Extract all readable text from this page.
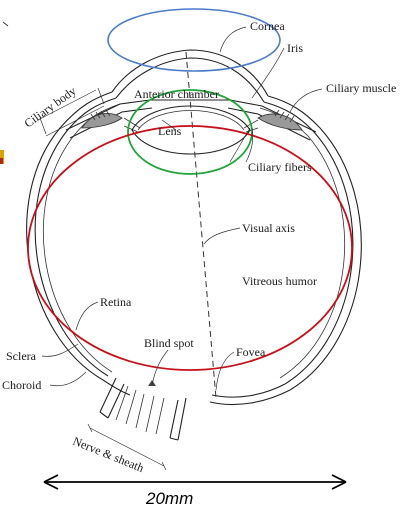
Cornea
Iris
Ciliary muscle
Ciliary body	Anterior chamber
Lens
Ciliary fibers
Visual axis
Vitreous humor
Retina
Blind spot
Fovea
Sclera
Choroid
Nerve & sheath
20mm
